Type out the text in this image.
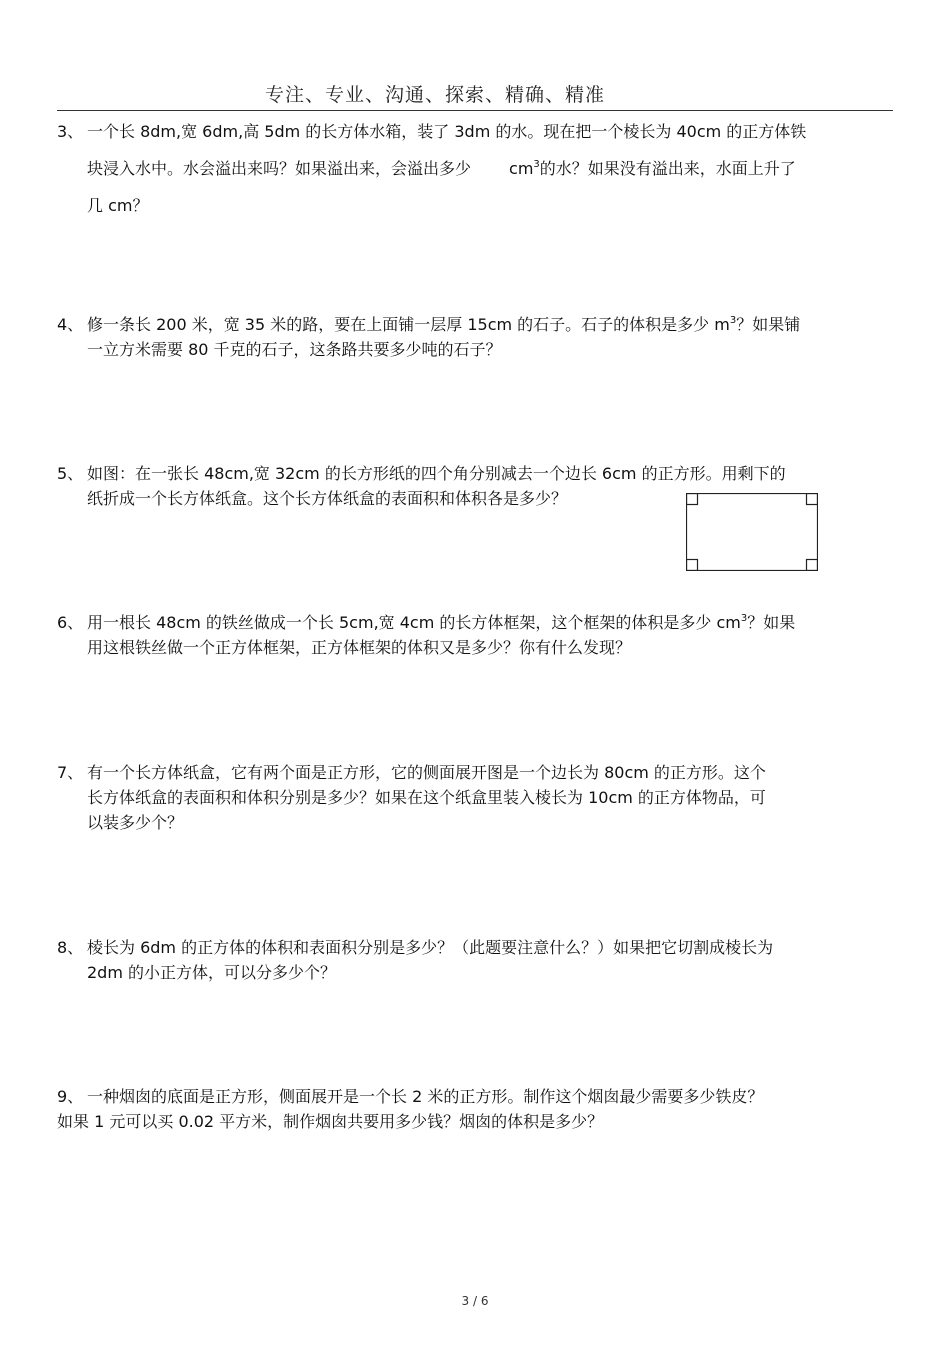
专注、专业、沟通、探索、精确、精准
3、 一个长 8dm,宽 6dm,高 5dm 的长方体水箱，装了 3dm 的水。现在把一个棱长为 40cm 的正方体铁
块浸入水中。水会溢出来吗？如果溢出来，会溢出多少 $cm^3$的水？如果没有溢出来，水面上升了
几 cm？
4、 修一条长 200 米，宽 35 米的路，要在上面铺一层厚 15cm 的石子。石子的体积是多少 $m^3$？如果铺
一立方米需要 80 千克的石子，这条路共要多少吨的石子？
5、 如图：在一张长 48cm,宽 32cm 的长方形纸的四个角分别减去一个边长 6cm 的正方形。用剩下的
纸折成一个长方体纸盒。这个长方体纸盒的表面积和体积各是多少？
6、 用一根长 48cm 的铁丝做成一个长 5cm,宽 4cm 的长方体框架，这个框架的体积是多少 $cm^3$？如果
用这根铁丝做一个正方体框架，正方体框架的体积又是多少？你有什么发现？
7、 有一个长方体纸盒，它有两个面是正方形，它的侧面展开图是一个边长为 80cm 的正方形。这个
长方体纸盒的表面积和体积分别是多少？如果在这个纸盒里装入棱长为 10cm 的正方体物品，可
以装多少个？
8、 棱长为 6dm 的正方体的体积和表面积分别是多少？（此题要注意什么？）如果把它切割成棱长为
2dm 的小正方体，可以分多少个？
9、 一种烟囱的底面是正方形，侧面展开是一个长 2 米的正方形。制作这个烟囱最少需要多少铁皮？
如果 1 元可以买 0.02 平方米，制作烟囱共要用多少钱？烟囱的体积是多少？
3 / 6
